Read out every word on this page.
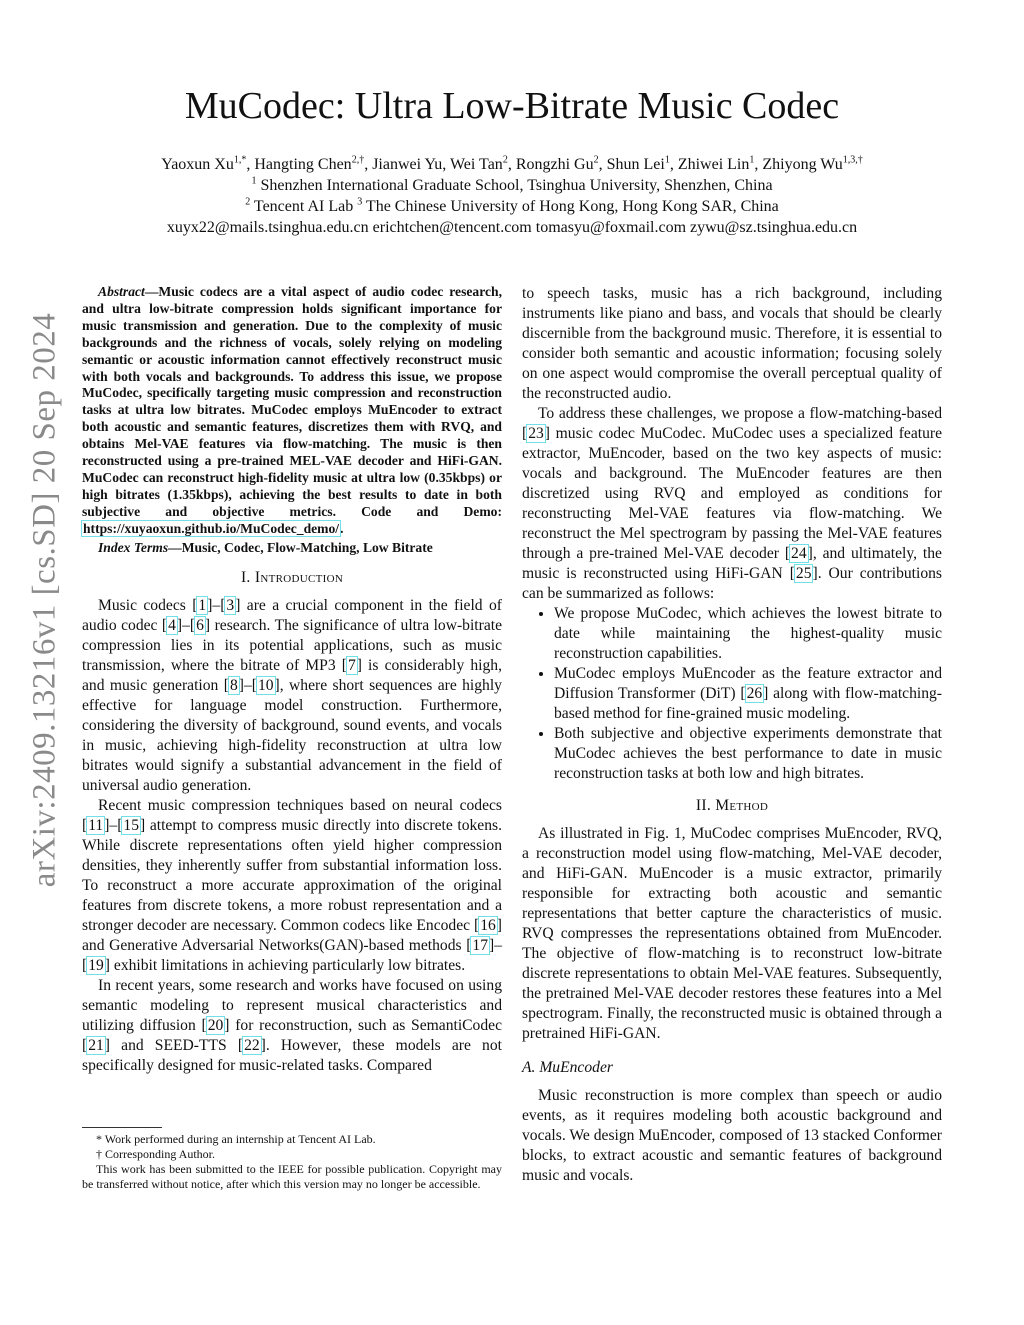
arXiv:2409.13216v1 [cs.SD] 20 Sep 2024
MuCodec: Ultra Low-Bitrate Music Codec
Yaoxun $Xu^{1,*}$, Hangting Chen$^{2,\dagger}$, Jianwei Yu, Wei Tan$^2$, Rongzhi Gu$^2$, Shun Lei$^1$, Zhiwei Lin$^1$, Zhiyong $Wu^{1,3,\dagger}$
$^1$ Shenzhen International Graduate School, Tsinghua University, Shenzhen, China
$^2$ Tencent AI Lab $^3$ The Chinese University of Hong Kong, Hong Kong SAR, China
xuyx22@mails.tsinghua.edu.cn erichtchen@tencent.com tomasyu@foxmail.com zywu@sz.tsinghua.edu.cn

Abstract—Music codecs are a vital aspect of audio codec research, and ultra low-bitrate compression holds significant importance for music transmission and generation. Due to the complexity of music backgrounds and the richness of vocals, solely relying on modeling semantic or acoustic information cannot effectively reconstruct music with both vocals and backgrounds. To address this issue, we propose MuCodec, specifically targeting music compression and reconstruction tasks at ultra low bitrates. MuCodec employs MuEncoder to extract both acoustic and semantic features, discretizes them with RVQ, and obtains Mel-VAE features via flow-matching. The music is then reconstructed using a pre-trained MEL-VAE decoder and HiFi-GAN. MuCodec can reconstruct high-fidelity music at ultra low (0.35kbps) or high bitrates (1.35kbps), achieving the best results to date in both subjective and objective metrics. Code and Demo: https://xuyaoxun.github.io/MuCodec_demo/.

Index Terms—Music, Codec, Flow-Matching, Low Bitrate

I. Introduction

Music codecs [1]–[3] are a crucial component in the field of audio codec [4]–[6] research. The significance of ultra low-bitrate compression lies in its potential applications, such as music transmission, where the bitrate of MP3 [7] is considerably high, and music generation [8]–[10], where short sequences are highly effective for language model construction. Furthermore, considering the diversity of background, sound events, and vocals in music, achieving high-fidelity reconstruction at ultra low bitrates would signify a substantial advancement in the field of universal audio generation.

Recent music compression techniques based on neural codecs [11]–[15] attempt to compress music directly into discrete tokens. While discrete representations often yield higher compression densities, they inherently suffer from substantial information loss. To reconstruct a more accurate approximation of the original features from discrete tokens, a more robust representation and a stronger decoder are necessary. Common codecs like Encodec [16] and Generative Adversarial Networks(GAN)-based methods [17]–[19] exhibit limitations in achieving particularly low bitrates.

In recent years, some research and works have focused on using semantic modeling to represent musical characteristics and utilizing diffusion [20] for reconstruction, such as SemantiCodec [21] and SEED-TTS [22]. However, these models are not specifically designed for music-related tasks. Compared

to speech tasks, music has a rich background, including instruments like piano and bass, and vocals that should be clearly discernible from the background music. Therefore, it is essential to consider both semantic and acoustic information; focusing solely on one aspect would compromise the overall perceptual quality of the reconstructed audio.

To address these challenges, we propose a flow-matching-based [23] music codec MuCodec. MuCodec uses a specialized feature extractor, MuEncoder, based on the two key aspects of music: vocals and background. The MuEncoder features are then discretized using RVQ and employed as conditions for reconstructing Mel-VAE features via flow-matching. We reconstruct the Mel spectrogram by passing the Mel-VAE features through a pre-trained Mel-VAE decoder [24], and ultimately, the music is reconstructed using HiFi-GAN [25]. Our contributions can be summarized as follows:

• We propose MuCodec, which achieves the lowest bitrate to date while maintaining the highest-quality music reconstruction capabilities.
• MuCodec employs MuEncoder as the feature extractor and Diffusion Transformer (DiT) [26] along with flow-matching-based method for fine-grained music modeling.
• Both subjective and objective experiments demonstrate that MuCodec achieves the best performance to date in music reconstruction tasks at both low and high bitrates.
II. Method

As illustrated in Fig. 1, MuCodec comprises MuEncoder, RVQ, a reconstruction model using flow-matching, Mel-VAE decoder, and HiFi-GAN. MuEncoder is a music extractor, primarily responsible for extracting both acoustic and semantic representations that better capture the characteristics of music. RVQ compresses the representations obtained from MuEncoder. The objective of flow-matching is to reconstruct low-bitrate discrete representations to obtain Mel-VAE features. Subsequently, the pretrained Mel-VAE decoder restores these features into a Mel spectrogram. Finally, the reconstructed music is obtained through a pretrained HiFi-GAN.

A. MuEncoder

Music reconstruction is more complex than speech or audio events, as it requires modeling both acoustic background and vocals. We design MuEncoder, composed of 13 stacked Conformer blocks, to extract acoustic and semantic features of background music and vocals.

* Work performed during an internship at Tencent AI Lab.

† Corresponding Author.

This work has been submitted to the IEEE for possible publication. Copyright may be transferred without notice, after which this version may no longer be accessible.
